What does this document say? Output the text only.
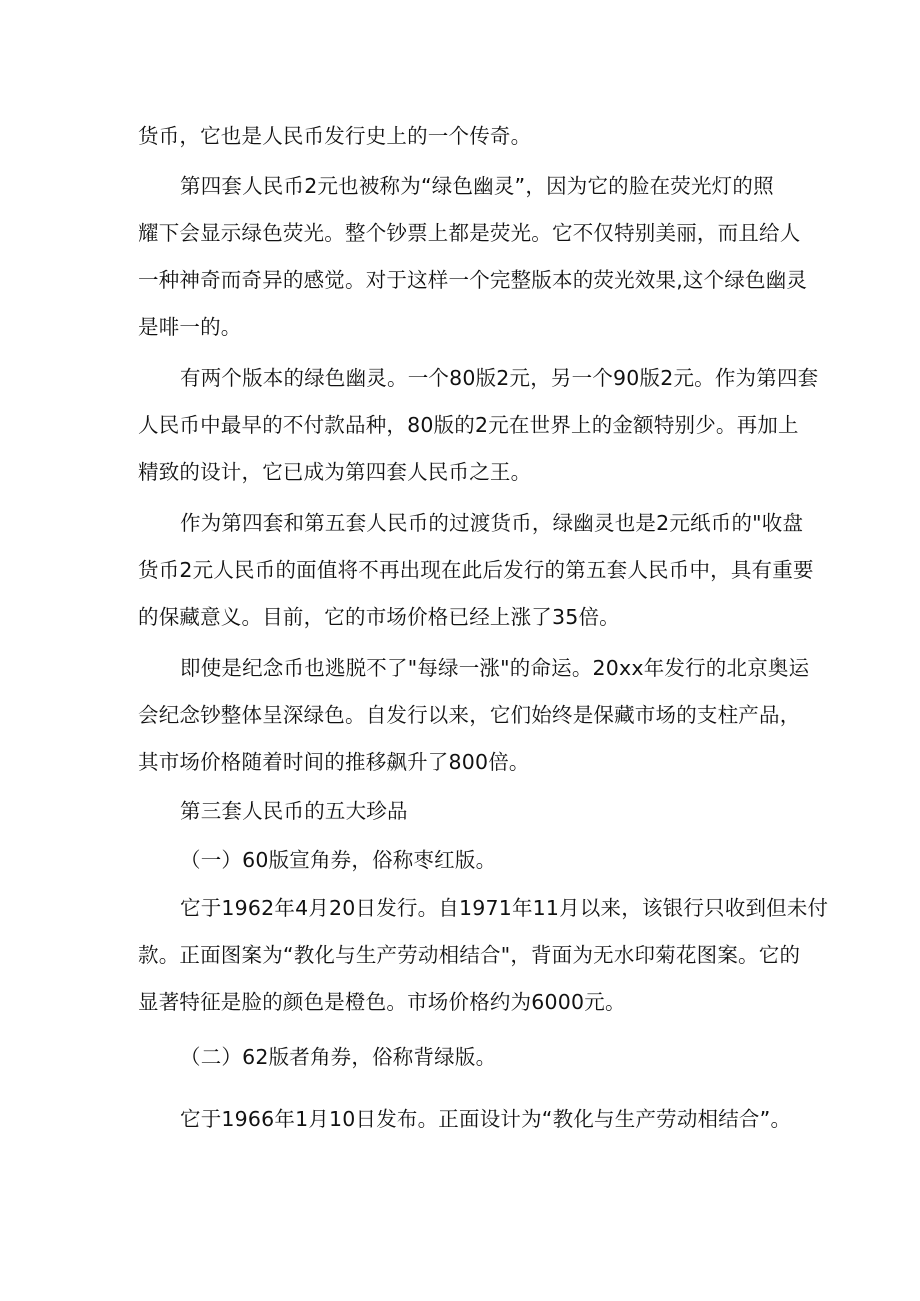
货币，它也是人民币发行史上的一个传奇。
第四套人民币2元也被称为“绿色幽灵”，因为它的脸在荧光灯的照
耀下会显示绿色荧光。整个钞票上都是荧光。它不仅特别美丽，而且给人
一种神奇而奇异的感觉。对于这样一个完整版本的荧光效果,这个绿色幽灵
是啡一的。
有两个版本的绿色幽灵。一个80版2元，另一个90版2元。作为第四套
人民币中最早的不付款品种，80版的2元在世界上的金额特别少。再加上
精致的设计，它已成为第四套人民币之王。
作为第四套和第五套人民币的过渡货币，绿幽灵也是2元纸币的"收盘
货币2元人民币的面值将不再出现在此后发行的第五套人民币中，具有重要
的保藏意义。目前，它的市场价格已经上涨了35倍。
即使是纪念币也逃脱不了"每绿一涨"的命运。20xx年发行的北京奥运
会纪念钞整体呈深绿色。自发行以来，它们始终是保藏市场的支柱产品，
其市场价格随着时间的推移飙升了800倍。
第三套人民币的五大珍品
（一）60版宣角券，俗称枣红版。
它于1962年4月20日发行。自1971年11月以来，该银行只收到但未付
款。正面图案为“教化与生产劳动相结合"，背面为无水印菊花图案。它的
显著特征是脸的颜色是橙色。市场价格约为6000元。
（二）62版者角券，俗称背绿版。
它于1966年1月10日发布。正面设计为“教化与生产劳动相结合”。
